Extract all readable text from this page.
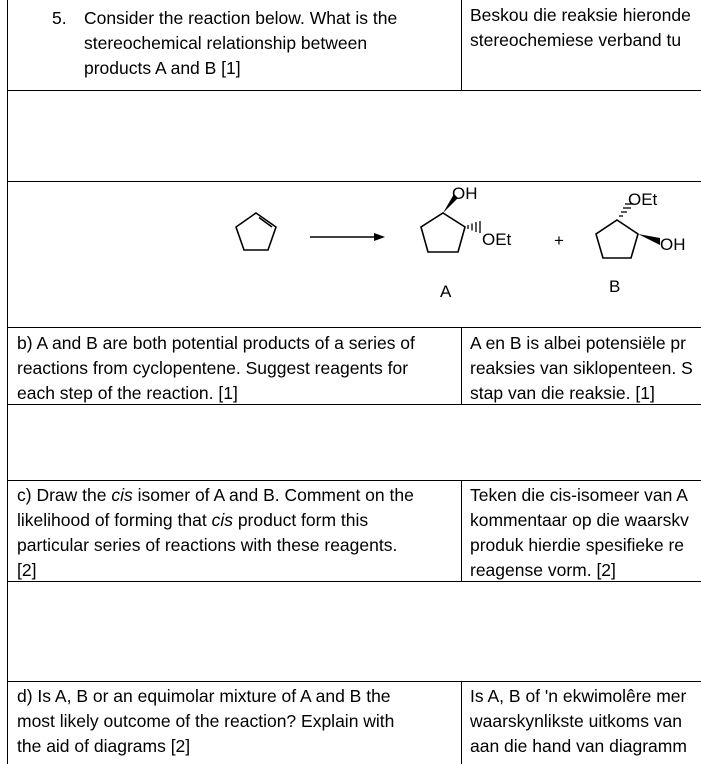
5. Consider the reaction below. What is the
stereochemical relationship between
products A and B [1]
Beskou die reaksie hieronde
stereochemiese verband tu
OH
OEt
A
+
OEt
OH
B
b) A and B are both potential products of a series of
reactions from cyclopentene. Suggest reagents for
each step of the reaction. [1]
A en B is albei potensiële pr
reaksies van siklopenteen. S
stap van die reaksie. [1]
c) Draw the cis isomer of A and B. Comment on the
likelihood of forming that cis product form this
particular series of reactions with these reagents.
[2]
Teken die cis-isomeer van A
kommentaar op die waarskv
produk hierdie spesifieke re
reagense vorm. [2]
d) Is A, B or an equimolar mixture of A and B the
most likely outcome of the reaction? Explain with
the aid of diagrams [2]
Is A, B of 'n ekwimolêre mer
waarskynlikste uitkoms van
aan die hand van diagramm
